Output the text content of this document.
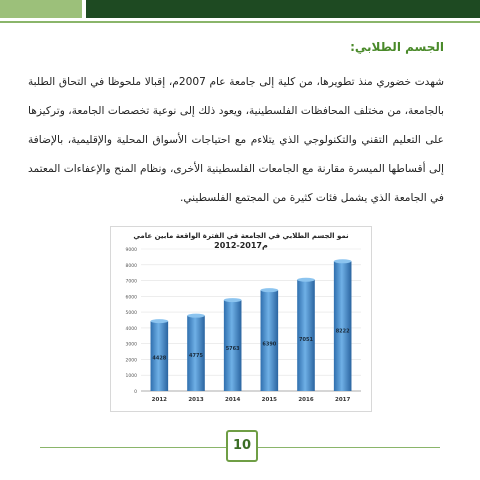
الجسم الطلابي:
شهدت خضوري منذ تطويرها، من كلية إلى جامعة عام 2007م، إقبالا ملحوظا في التحاق الطلبة بالجامعة، من مختلف المحافظات الفلسطينية، ويعود ذلك إلى نوعية تخصصات الجامعة، وتركيزها على التعليم التقني والتكنولوجي الذي يتلاءم مع احتياجات الأسواق المحلية والإقليمية، بالإضافة إلى أقساطها الميسرة مقارنة مع الجامعات الفلسطينية الأخرى، ونظام المنح والإعفاءات المعتمد في الجامعة الذي يشمل فئات كثيرة من المجتمع الفلسطيني.
0
1000
2000
3000
4000
5000
6000
7000
8000
9000
4428
2012
4775
2013
5763
2014
6390
2015
7051
2016
8222
2017
نمو الجسم الطلابي في الجامعة في الفترة الواقعة مابين عامي
2012-2017م
10
